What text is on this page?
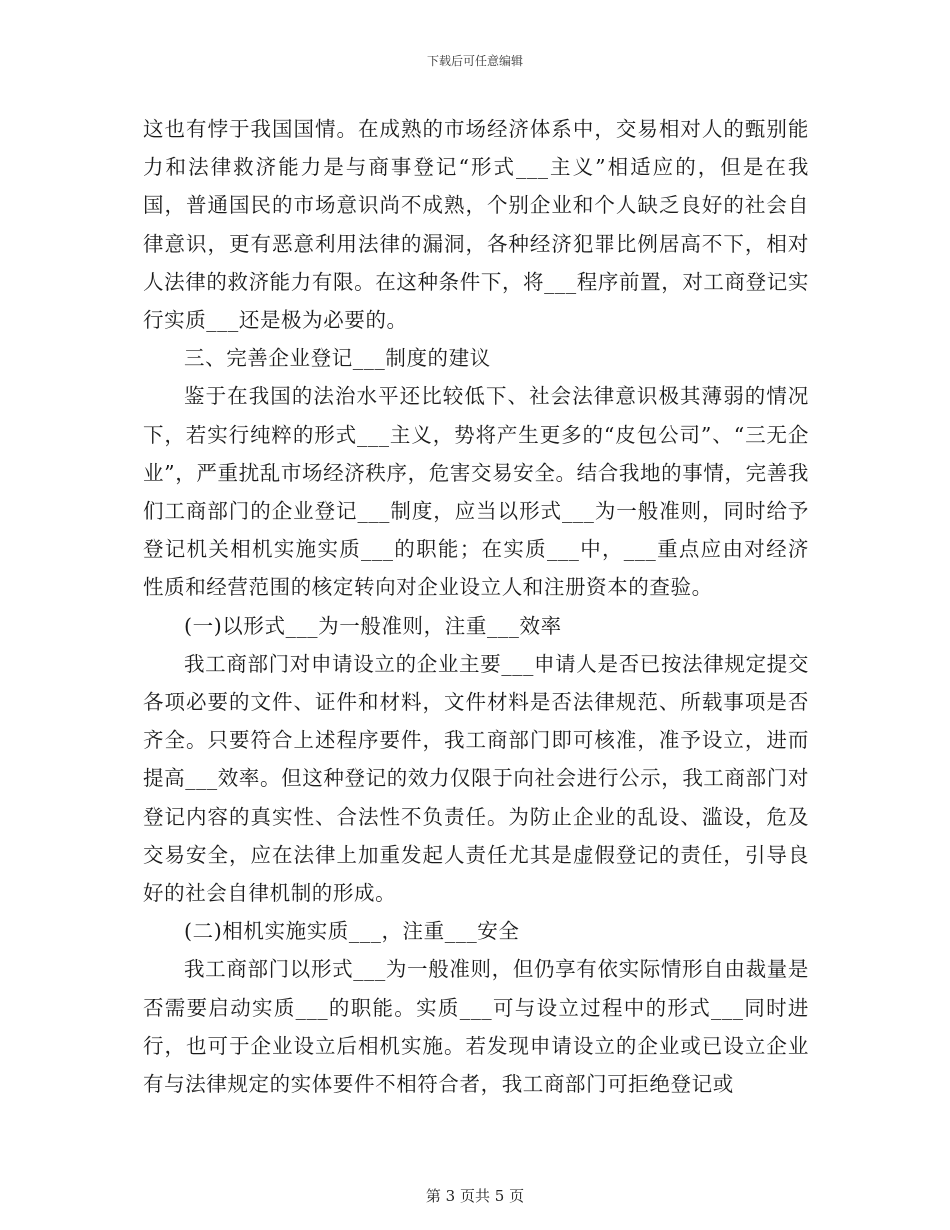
下载后可任意编辑

这也有悖于我国国情。在成熟的市场经济体系中，交易相对人的甄别能力和法律救济能力是与商事登记“形式___主义”相适应的，但是在我国，普通国民的市场意识尚不成熟，个别企业和个人缺乏良好的社会自律意识，更有恶意利用法律的漏洞，各种经济犯罪比例居高不下，相对人法律的救济能力有限。在这种条件下，将___程序前置，对工商登记实行实质___还是极为必要的。

三、完善企业登记___制度的建议

鉴于在我国的法治水平还比较低下、社会法律意识极其薄弱的情况下，若实行纯粹的形式___主义，势将产生更多的“皮包公司”、“三无企业”，严重扰乱市场经济秩序，危害交易安全。结合我地的事情，完善我们工商部门的企业登记___制度，应当以形式___为一般准则，同时给予登记机关相机实施实质___的职能；在实质___中，___重点应由对经济性质和经营范围的核定转向对企业设立人和注册资本的查验。

(一)以形式___为一般准则，注重___效率

我工商部门对申请设立的企业主要___申请人是否已按法律规定提交各项必要的文件、证件和材料，文件材料是否法律规范、所载事项是否齐全。只要符合上述程序要件，我工商部门即可核准，准予设立，进而提高___效率。但这种登记的效力仅限于向社会进行公示，我工商部门对登记内容的真实性、合法性不负责任。为防止企业的乱设、滥设，危及交易安全，应在法律上加重发起人责任尤其是虚假登记的责任，引导良好的社会自律机制的形成。

(二)相机实施实质___，注重___安全

我工商部门以形式___为一般准则，但仍享有依实际情形自由裁量是否需要启动实质___的职能。实质___可与设立过程中的形式___同时进行，也可于企业设立后相机实施。若发现申请设立的企业或已设立企业有与法律规定的实体要件不相符合者，我工商部门可拒绝登记或

第 3 页共 5 页
